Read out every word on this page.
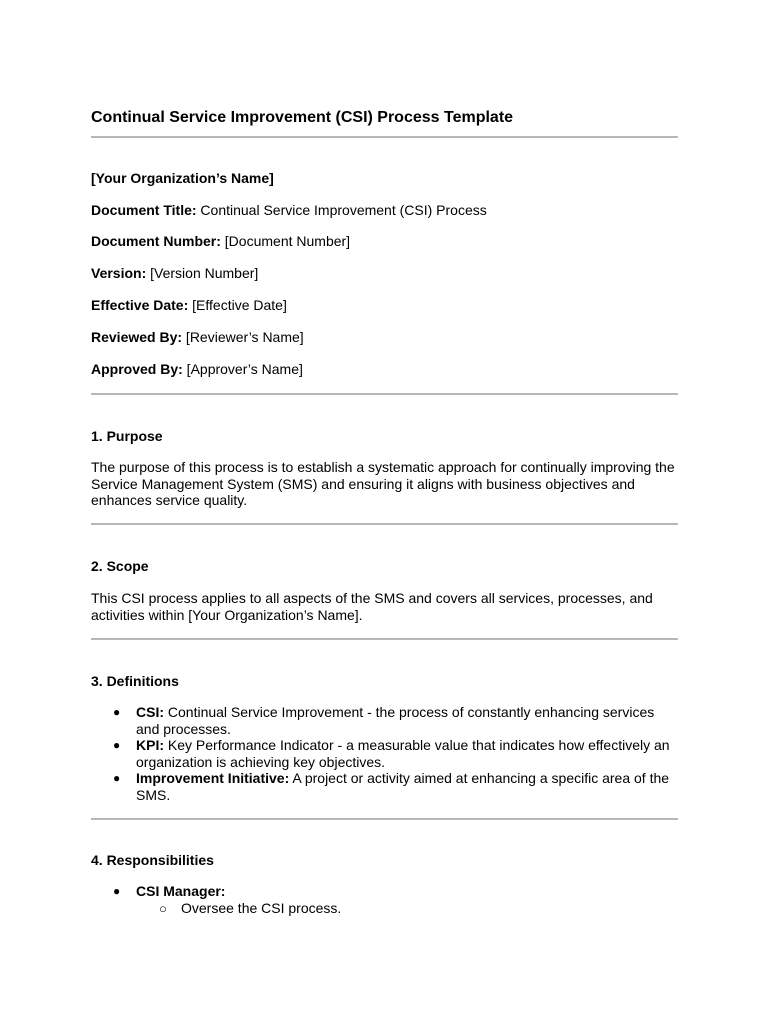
Continual Service Improvement (CSI) Process Template
[Your Organization’s Name]
Document Title: Continual Service Improvement (CSI) Process
Document Number: [Document Number]
Version: [Version Number]
Effective Date: [Effective Date]
Reviewed By: [Reviewer’s Name]
Approved By: [Approver’s Name]
1. Purpose
The purpose of this process is to establish a systematic approach for continually improving the Service Management System (SMS) and ensuring it aligns with business objectives and enhances service quality.
2. Scope
This CSI process applies to all aspects of the SMS and covers all services, processes, and activities within [Your Organization’s Name].
3. Definitions
● CSI: Continual Service Improvement - the process of constantly enhancing services and processes.
● KPI: Key Performance Indicator - a measurable value that indicates how effectively an organization is achieving key objectives.
● Improvement Initiative: A project or activity aimed at enhancing a specific area of the SMS.
4. Responsibilities
● CSI Manager:
○ Oversee the CSI process.
